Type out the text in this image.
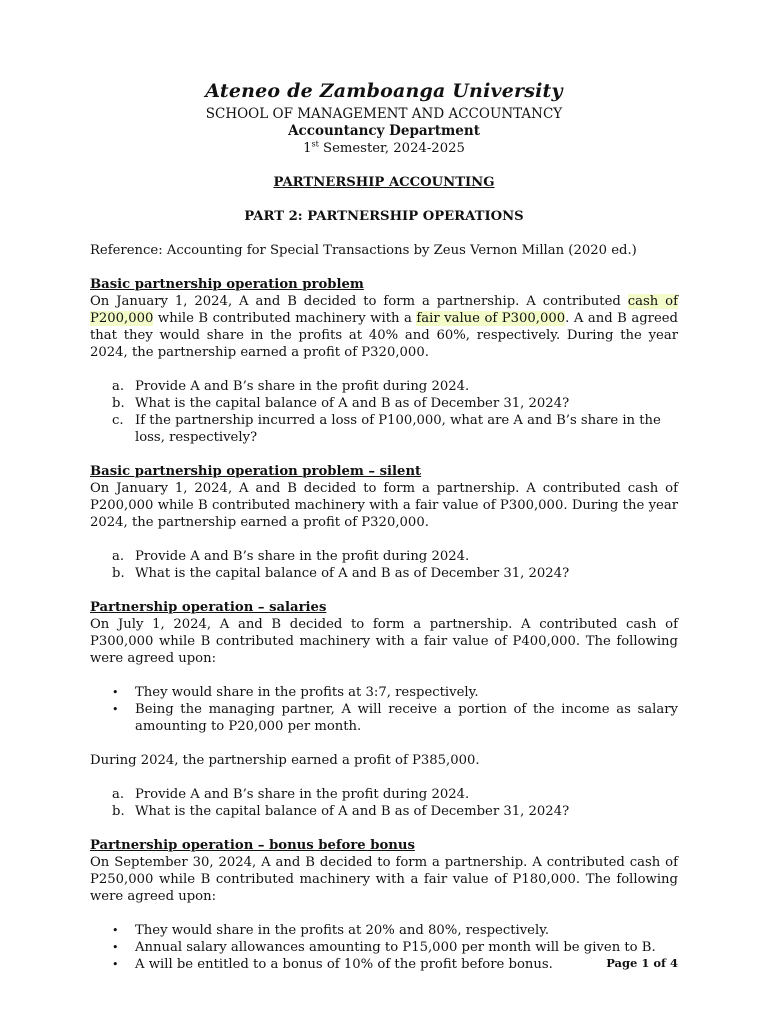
Ateneo de Zamboanga University
SCHOOL OF MANAGEMENT AND ACCOUNTANCY
Accountancy Department
1st Semester, 2024-2025
PARTNERSHIP ACCOUNTING
PART 2: PARTNERSHIP OPERATIONS

Reference: Accounting for Special Transactions by Zeus Vernon Millan (2020 ed.)

Basic partnership operation problem

On January 1, 2024, A and B decided to form a partnership. A contributed cash of P200,000 while B contributed machinery with a fair value of P300,000. A and B agreed that they would share in the profits at 40% and 60%, respectively. During the year 2024, the partnership earned a profit of P320,000.

a. Provide A and B’s share in the profit during 2024.
b. What is the capital balance of A and B as of December 31, 2024?
c. If the partnership incurred a loss of P100,000, what are A and B’s share in the loss, respectively?
Basic partnership operation problem – silent

On January 1, 2024, A and B decided to form a partnership. A contributed cash of P200,000 while B contributed machinery with a fair value of P300,000. During the year 2024, the partnership earned a profit of P320,000.

a. Provide A and B’s share in the profit during 2024.
b. What is the capital balance of A and B as of December 31, 2024?
Partnership operation – salaries

On July 1, 2024, A and B decided to form a partnership. A contributed cash of P300,000 while B contributed machinery with a fair value of P400,000. The following were agreed upon:

• They would share in the profits at 3:7, respectively.
• Being the managing partner, A will receive a portion of the income as salary amounting to P20,000 per month.

During 2024, the partnership earned a profit of P385,000.

a. Provide A and B’s share in the profit during 2024.
b. What is the capital balance of A and B as of December 31, 2024?
Partnership operation – bonus before bonus

On September 30, 2024, A and B decided to form a partnership. A contributed cash of P250,000 while B contributed machinery with a fair value of P180,000. The following were agreed upon:

• They would share in the profits at 20% and 80%, respectively.
• Annual salary allowances amounting to P15,000 per month will be given to B.
• A will be entitled to a bonus of 10% of the profit before bonus.	Page 1 of 4
